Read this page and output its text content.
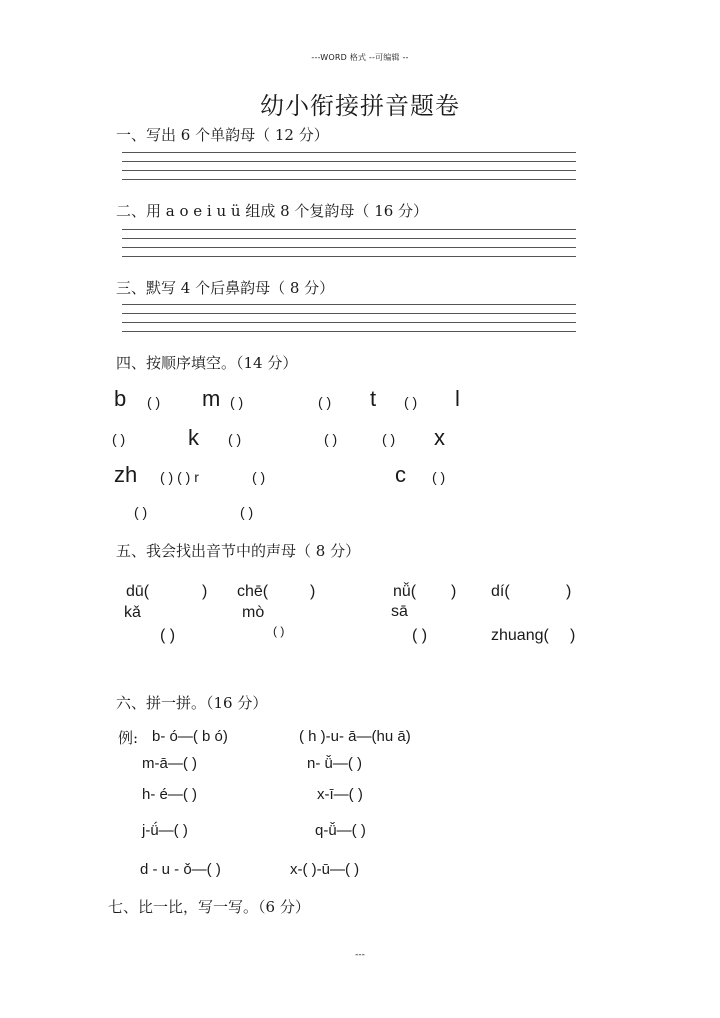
---WORD 格式 --可编辑 --
幼小衔接拼音题卷
一、写出 6 个单韵母（ 12 分）
二、用 a o e i u ü 组成 8 个复韵母（ 16 分）
三、默写 4 个后鼻韵母（ 8 分）
四、按顺序填空。（14 分）
b ( ) m ( )	( ) t ( ) l
( )	k ( )	( )	( ) x
zh ( ) ( ) r	( )	c ( )
( )	( )
五、我会找出音节中的声母（ 8 分）
dū(	) chē(	)	nǚ( ) dí(	)
kǎ	mò	sā
( )	( )	( )	zhuang( )
六、拼一拼。（16 分）
例: b- ó—( b ó)	( h )-u- ā—(hu ā)
m-ā—( )	n- ǚ—( )
h- é—( )	x-ī—( )
j-ǘ—( )	q-ǚ—( )
d - u - ǒ—( )	x-( )-ū—( )
七、比一比，写一写。（6 分）
---
